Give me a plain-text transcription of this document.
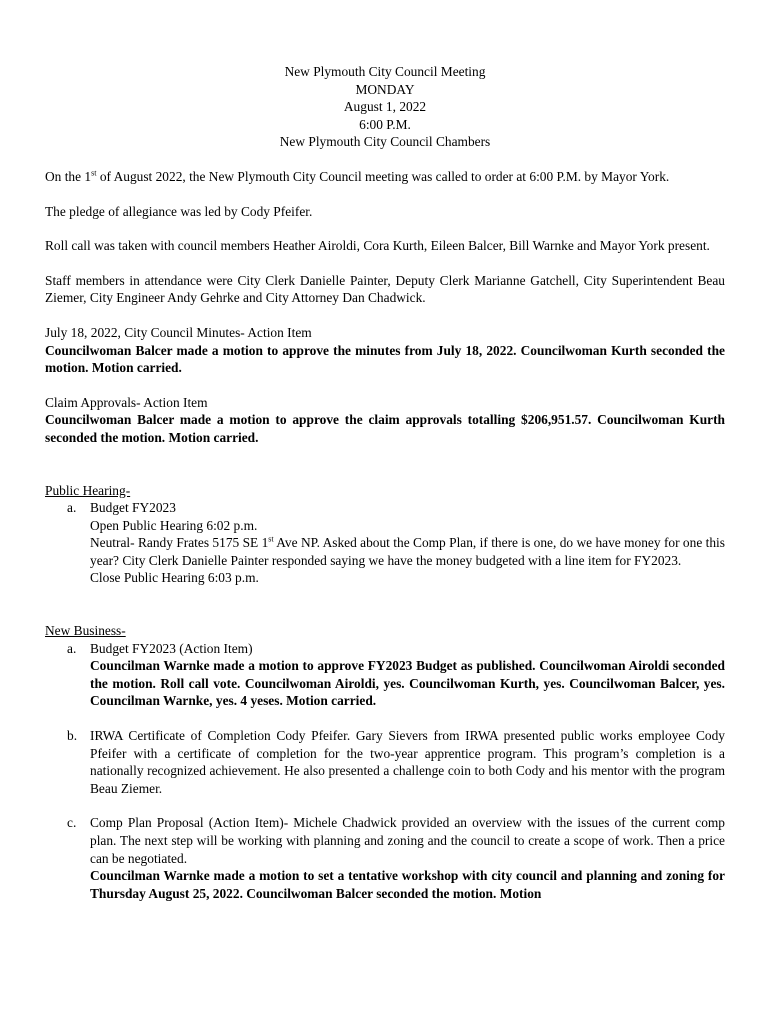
New Plymouth City Council Meeting
MONDAY
August 1, 2022
6:00 P.M.
New Plymouth City Council Chambers

On the 1st of August 2022, the New Plymouth City Council meeting was called to order at 6:00 P.M. by Mayor York.

The pledge of allegiance was led by Cody Pfeifer.

Roll call was taken with council members Heather Airoldi, Cora Kurth, Eileen Balcer, Bill Warnke and Mayor York present.

Staff members in attendance were City Clerk Danielle Painter, Deputy Clerk Marianne Gatchell, City Superintendent Beau Ziemer, City Engineer Andy Gehrke and City Attorney Dan Chadwick.

July 18, 2022, City Council Minutes- Action Item
Councilwoman Balcer made a motion to approve the minutes from July 18, 2022. Councilwoman Kurth seconded the motion. Motion carried.
Claim Approvals- Action Item
Councilwoman Balcer made a motion to approve the claim approvals totalling $206,951.57. Councilwoman Kurth seconded the motion. Motion carried.
Public Hearing-
a. Budget FY2023
Open Public Hearing 6:02 p.m.
Neutral- Randy Frates 5175 SE 1st Ave NP. Asked about the Comp Plan, if there is one, do we have money for one this year? City Clerk Danielle Painter responded saying we have the money budgeted with a line item for FY2023.
Close Public Hearing 6:03 p.m.
New Business-
a. Budget FY2023 (Action Item)
Councilman Warnke made a motion to approve FY2023 Budget as published. Councilwoman Airoldi seconded the motion. Roll call vote. Councilwoman Airoldi, yes. Councilwoman Kurth, yes. Councilwoman Balcer, yes. Councilman Warnke, yes. 4 yeses. Motion carried.
b. IRWA Certificate of Completion Cody Pfeifer. Gary Sievers from IRWA presented public works employee Cody Pfeifer with a certificate of completion for the two-year apprentice program. This program’s completion is a nationally recognized achievement. He also presented a challenge coin to both Cody and his mentor with the program Beau Ziemer.
c. Comp Plan Proposal (Action Item)- Michele Chadwick provided an overview with the issues of the current comp plan. The next step will be working with planning and zoning and the council to create a scope of work. Then a price can be negotiated.
Councilman Warnke made a motion to set a tentative workshop with city council and planning and zoning for Thursday August 25, 2022. Councilwoman Balcer seconded the motion. Motion
